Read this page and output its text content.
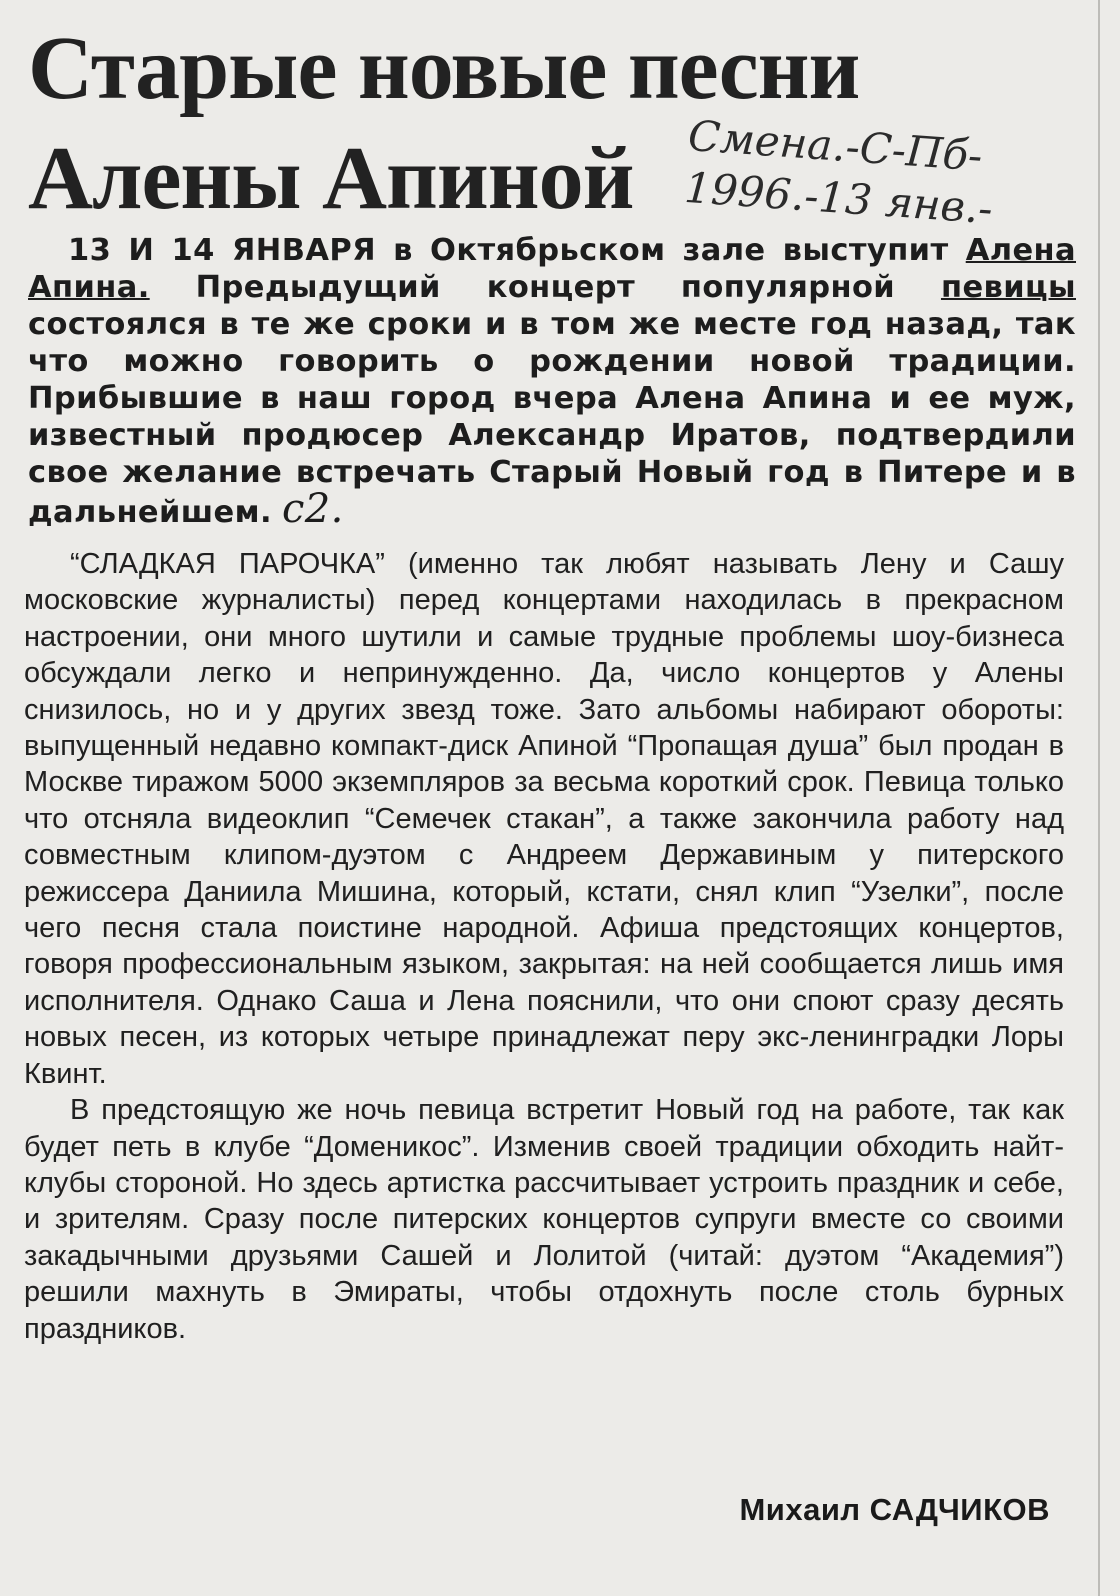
Старые новые песни
Алены Апиной	Смена.-С-Пб-
1996.-13 янв.-

13 И 14 ЯНВАРЯ в Октябрьском зале выступит Алена Апина. Предыдущий концерт популярной певицы состоялся в те же сроки и в том же месте год назад, так что можно говорить о рождении новой традиции. Прибывшие в наш город вчера Алена Апина и ее муж, известный продюсер Александр Иратов, подтвердили свое желание встречать Старый Новый год в Питере и в дальнейшем. с2.

“СЛАДКАЯ ПАРОЧКА” (именно так любят называть Лену и Сашу московские журналисты) перед концертами находилась в прекрасном настроении, они много шутили и самые трудные проблемы шоу-бизнеса обсуждали легко и непринужденно. Да, число концертов у Алены снизилось, но и у других звезд тоже. Зато альбомы набирают обороты: выпущенный недавно компакт-диск Апиной “Пропащая душа” был продан в Москве тиражом 5000 экземпляров за весьма короткий срок. Певица только что отсняла видеоклип “Семечек стакан”, а также закончила работу над совместным клипом-дуэтом с Андреем Державиным у питерского режиссера Даниила Мишина, который, кстати, снял клип “Узелки”, после чего песня стала поистине народной. Афиша предстоящих концертов, говоря профессиональным языком, закрытая: на ней сообщается лишь имя исполнителя. Однако Саша и Лена пояснили, что они споют сразу десять новых песен, из которых четыре принадлежат перу экс-ленинградки Лоры Квинт.

В предстоящую же ночь певица встретит Новый год на работе, так как будет петь в клубе “Доменикос”. Изменив своей традиции обходить найт-клубы стороной. Но здесь артистка рассчитывает устроить праздник и себе, и зрителям. Сразу после питерских концертов супруги вместе со своими закадычными друзьями Сашей и Лолитой (читай: дуэтом “Академия”) решили махнуть в Эмираты, чтобы отдохнуть после столь бурных праздников.

Михаил САДЧИКОВ
